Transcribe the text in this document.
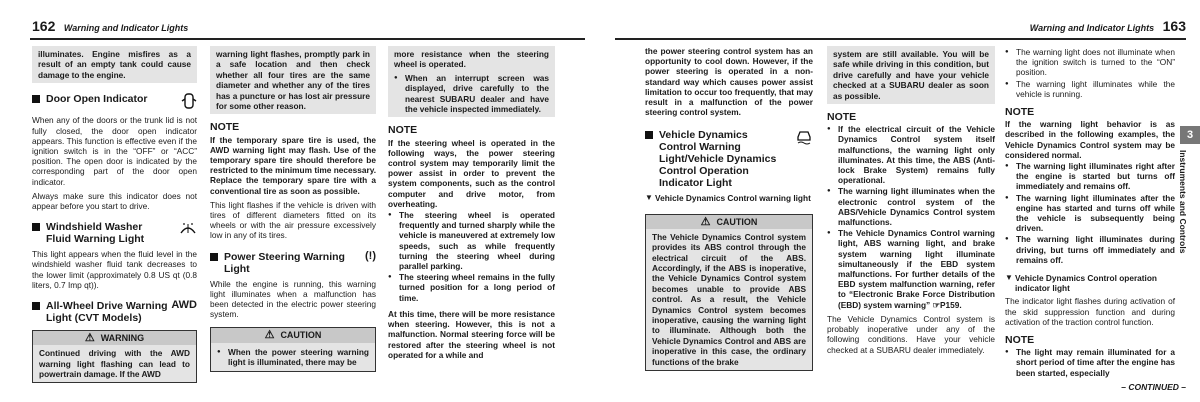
162 Warning and Indicator Lights
illuminates. Engine misfires as a result of an empty tank could cause damage to the engine.
Door Open Indicator

When any of the doors or the trunk lid is not fully closed, the door open indicator appears. This function is effective even if the ignition switch is in the “OFF” or “ACC” position. The open door is indicated by the corresponding part of the door open indicator.

Always make sure this indicator does not appear before you start to drive.

Windshield Washer Fluid Warning Light

This light appears when the fluid level in the windshield washer fluid tank decreases to the lower limit (approximately 0.8 US qt (0.8 liters, 0.7 Imp qt)).

All-Wheel Drive Warning Light (CVT Models)
AWD
⚠ WARNING
Continued driving with the AWD warning light flashing can lead to powertrain damage. If the AWD
warning light flashes, promptly park in a safe location and then check whether all four tires are the same diameter and whether any of the tires has a puncture or has lost air pressure for some other reason.
NOTE

If the temporary spare tire is used, the AWD warning light may flash. Use of the temporary spare tire should therefore be restricted to the minimum time necessary. Replace the temporary spare tire with a conventional tire as soon as possible.

This light flashes if the vehicle is driven with tires of different diameters fitted on its wheels or with the air pressure excessively low in any of its tires.

Power Steering Warning Light
(!)

While the engine is running, this warning light illuminates when a malfunction has been detected in the electric power steering system.

⚠ CAUTION
● When the power steering warning light is illuminated, there may be
more resistance when the steering wheel is operated.
● When an interrupt screen was displayed, drive carefully to the nearest SUBARU dealer and have the vehicle inspected immediately.
NOTE

If the steering wheel is operated in the following ways, the power steering control system may temporarily limit the power assist in order to prevent the system components, such as the control computer and drive motor, from overheating.

● The steering wheel is operated frequently and turned sharply while the vehicle is maneuvered at extremely low speeds, such as while frequently turning the steering wheel during parallel parking.
● The steering wheel remains in the fully turned position for a long period of time.

At this time, there will be more resistance when steering. However, this is not a malfunction. Normal steering force will be restored after the steering wheel is not operated for a while and

Warning and Indicator Lights 163

the power steering control system has an opportunity to cool down. However, if the power steering is operated in a non-standard way which causes power assist limitation to occur too frequently, that may result in a malfunction of the power steering control system.

Vehicle Dynamics Control Warning Light/Vehicle Dynamics Control Operation Indicator Light
▼ Vehicle Dynamics Control warning light
⚠ CAUTION
The Vehicle Dynamics Control system provides its ABS control through the electrical circuit of the ABS. Accordingly, if the ABS is inoperative, the Vehicle Dynamics Control system becomes unable to provide ABS control. As a result, the Vehicle Dynamics Control system becomes inoperative, causing the warning light to illuminate. Although both the Vehicle Dynamics Control and ABS are inoperative in this case, the ordinary functions of the brake
system are still available. You will be safe while driving in this condition, but drive carefully and have your vehicle checked at a SUBARU dealer as soon as possible.
NOTE
● If the electrical circuit of the Vehicle Dynamics Control system itself malfunctions, the warning light only illuminates. At this time, the ABS (Anti-lock Brake System) remains fully operational.
● The warning light illuminates when the electronic control system of the ABS/Vehicle Dynamics Control system malfunctions.
● The Vehicle Dynamics Control warning light, ABS warning light, and brake system warning light illuminate simultaneously if the EBD system malfunctions. For further details of the EBD system malfunction warning, refer to “Electronic Brake Force Distribution (EBD) system warning” ☞P159.

The Vehicle Dynamics Control system is probably inoperative under any of the following conditions. Have your vehicle checked at a SUBARU dealer immediately.

● The warning light does not illuminate when the ignition switch is turned to the “ON” position.
● The warning light illuminates while the vehicle is running.
NOTE

If the warning light behavior is as described in the following examples, the Vehicle Dynamics Control system may be considered normal.

● The warning light illuminates right after the engine is started but turns off immediately and remains off.
● The warning light illuminates after the engine has started and turns off while the vehicle is subsequently being driven.
● The warning light illuminates during driving, but turns off immediately and remains off.
▼ Vehicle Dynamics Control operation indicator light

The indicator light flashes during activation of the skid suppression function and during activation of the traction control function.

NOTE
● The light may remain illuminated for a short period of time after the engine has been started, especially
3
Instruments and Controls
– CONTINUED –
